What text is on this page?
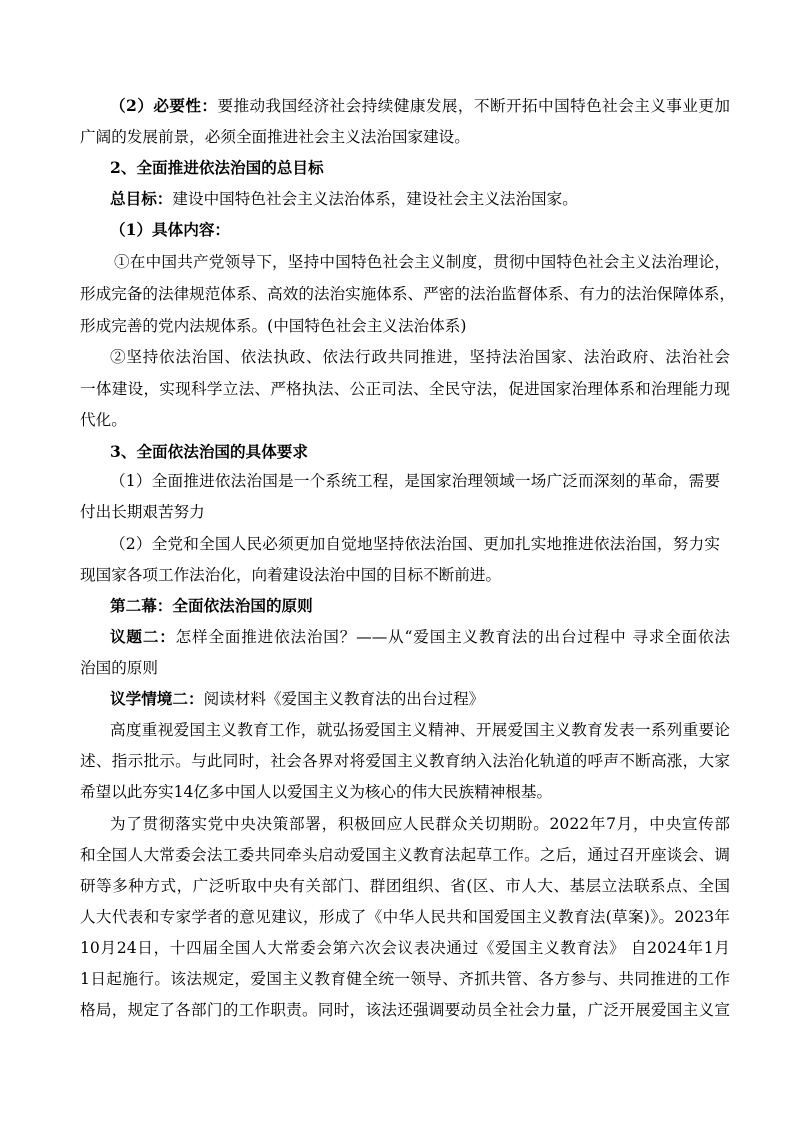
（2）必要性：要推动我国经济社会持续健康发展，不断开拓中国特色社会主义事业更加
广阔的发展前景，必须全面推进社会主义法治国家建设。
2、全面推进依法治国的总目标
总目标：建设中国特色社会主义法治体系，建设社会主义法治国家。
（1）具体内容：
①在中国共产党领导下，坚持中国特色社会主义制度，贯彻中国特色社会主义法治理论，
形成完备的法律规范体系、高效的法治实施体系、严密的法治监督体系、有力的法治保障体系，
形成完善的党内法规体系。(中国特色社会主义法治体系)
②坚持依法治国、依法执政、依法行政共同推进，坚持法治国家、法治政府、法治社会
一体建设，实现科学立法、严格执法、公正司法、全民守法，促进国家治理体系和治理能力现
代化。
3、全面依法治国的具体要求
（1）全面推进依法治国是一个系统工程，是国家治理领域一场广泛而深刻的革命，需要
付出长期艰苦努力
（2）全党和全国人民必须更加自觉地坚持依法治国、更加扎实地推进依法治国，努力实
现国家各项工作法治化，向着建设法治中国的目标不断前进。
第二幕：全面依法治国的原则
议题二：怎样全面推进依法治国？——从“爱国主义教育法的出台过程中 寻求全面依法
治国的原则
议学情境二：阅读材料《爱国主义教育法的出台过程》
高度重视爱国主义教育工作，就弘扬爱国主义精神、开展爱国主义教育发表一系列重要论
述、指示批示。与此同时，社会各界对将爱国主义教育纳入法治化轨道的呼声不断高涨，大家
希望以此夯实14亿多中国人以爱国主义为核心的伟大民族精神根基。
为了贯彻落实党中央决策部署，积极回应人民群众关切期盼。2022年7月，中央宣传部
和全国人大常委会法工委共同牵头启动爱国主义教育法起草工作。之后，通过召开座谈会、调
研等多种方式，广泛听取中央有关部门、群团组织、省(区、市人大、基层立法联系点、全国
人大代表和专家学者的意见建议，形成了《中华人民共和国爱国主义教育法(草案)》。2023年
10月24日，十四届全国人大常委会第六次会议表决通过《爱国主义教育法》 自2024年1月
1日起施行。该法规定，爱国主义教育健全统一领导、齐抓共管、各方参与、共同推进的工作
格局，规定了各部门的工作职责。同时，该法还强调要动员全社会力量，广泛开展爱国主义宣
